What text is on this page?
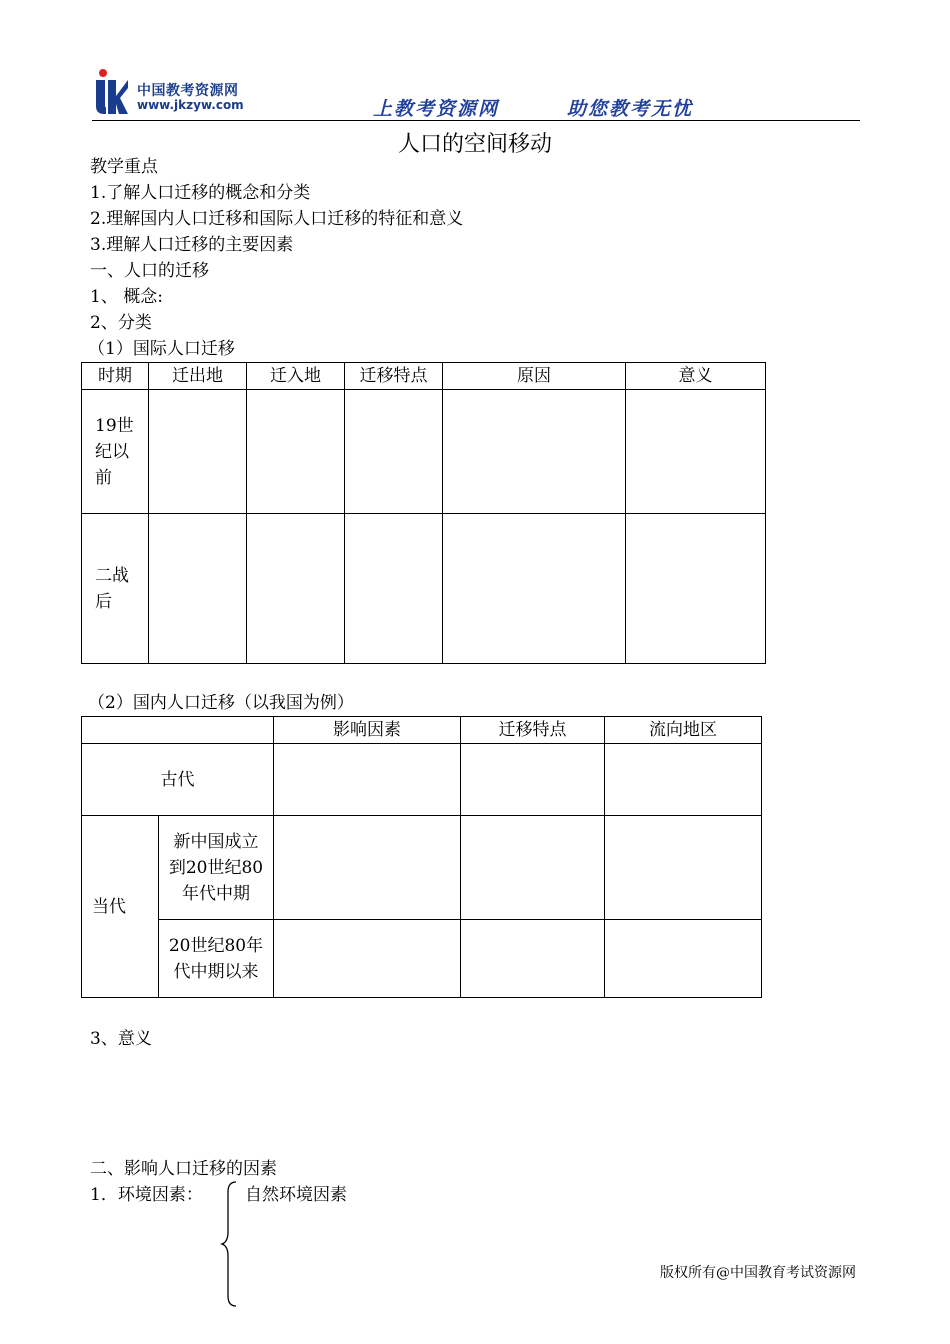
中国教考资源网
www.jkzyw.com	上教考资源网	助您教考无忧
人口的空间移动
教学重点
1.了解人口迁移的概念和分类
2.理解国内人口迁移和国际人口迁移的特征和意义
3.理解人口迁移的主要因素
一、人口的迁移
1、 概念:
2、分类
（1）国际人口迁移
时期	迁出地	迁入地	迁移特点	原因	意义

19世纪以前					

二战后					

（2）国内人口迁移（以我国为例）
		影响因素	迁移特点	流向地区
古代				
当代	新中国成立到20世纪80年代中期			

	20世纪80年代中期以来			

3、意义
二、影响人口迁移的因素
1．环境因素： 自然环境因素
版权所有@中国教育考试资源网
